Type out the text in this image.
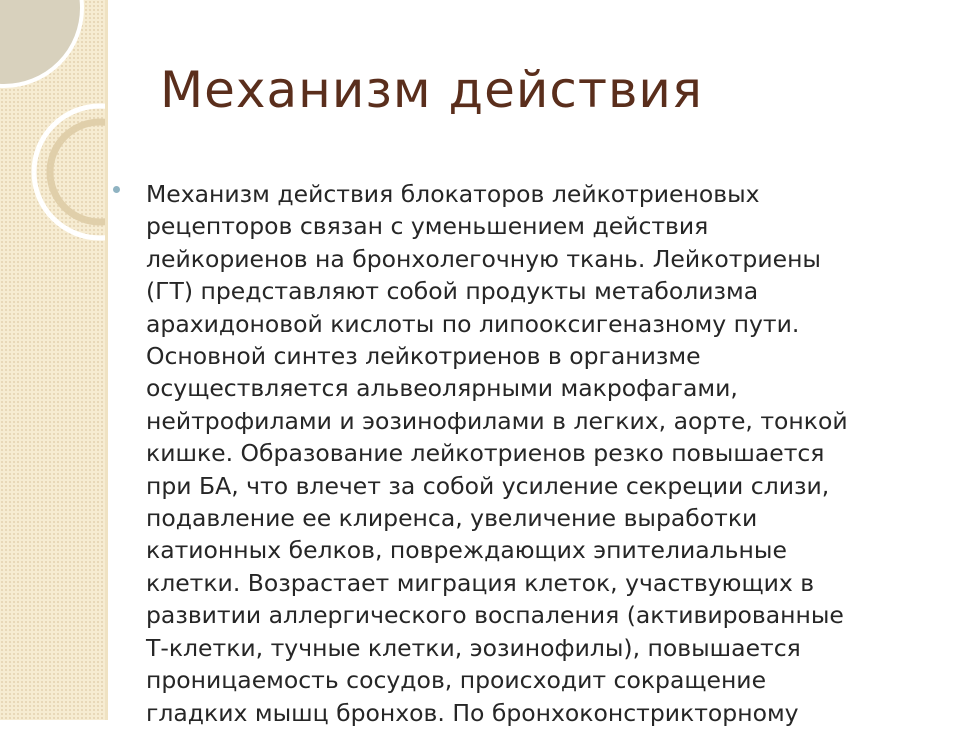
Механизм действия

Механизм действия блокаторов лейкотриеновых
рецепторов связан с уменьшением действия
лейкориенов на бронхолегочную ткань. Лейкотриены
(ГТ) представляют собой продукты метаболизма
арахидоновой кислоты по липооксигеназному пути.
Основной синтез лейкотриенов в организме
осуществляется альвеолярными макрофагами,
нейтрофилами и эозинофилами в легких, аорте, тонкой
кишке. Образование лейкотриенов резко повышается
при БА, что влечет за собой усиление секреции слизи,
подавление ее клиренса, увеличение выработки
катионных белков, повреждающих эпителиальные
клетки. Возрастает миграция клеток, участвующих в
развитии аллергического воспаления (активированные
Т-клетки, тучные клетки, эозинофилы), повышается
проницаемость сосудов, происходит сокращение
гладких мышц бронхов. По бронхоконстрикторному
